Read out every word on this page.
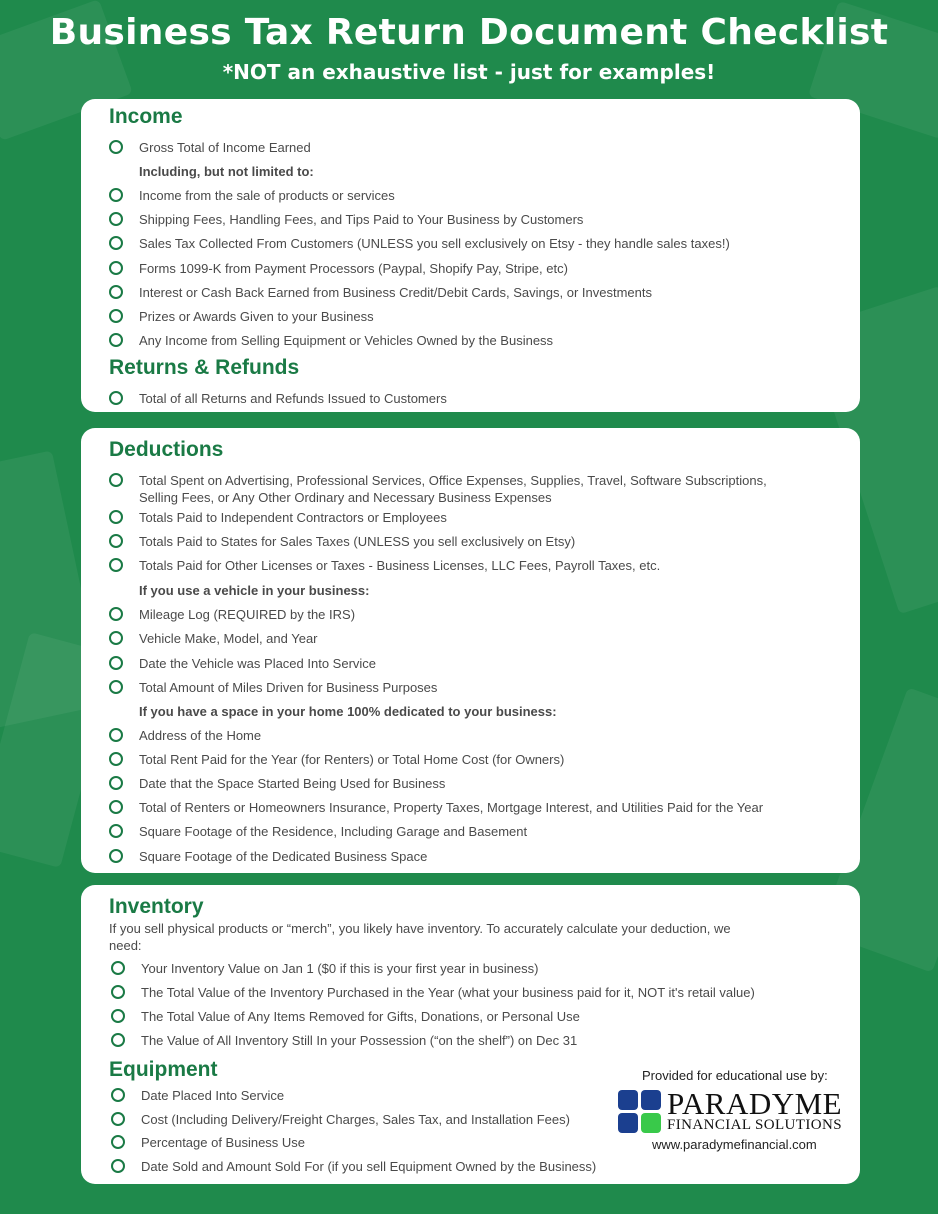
Business Tax Return Document Checklist
*NOT an exhaustive list - just for examples!
Income
Gross Total of Income Earned
Including, but not limited to:
Income from the sale of products or services
Shipping Fees, Handling Fees, and Tips Paid to Your Business by Customers
Sales Tax Collected From Customers (UNLESS you sell exclusively on Etsy - they handle sales taxes!)
Forms 1099-K from Payment Processors (Paypal, Shopify Pay, Stripe, etc)
Interest or Cash Back Earned from Business Credit/Debit Cards, Savings, or Investments
Prizes or Awards Given to your Business
Any Income from Selling Equipment or Vehicles Owned by the Business
Returns & Refunds
Total of all Returns and Refunds Issued to Customers
Deductions
Total Spent on Advertising, Professional Services, Office Expenses, Supplies, Travel, Software Subscriptions, Selling Fees, or Any Other Ordinary and Necessary Business Expenses
Totals Paid to Independent Contractors or Employees
Totals Paid to States for Sales Taxes (UNLESS you sell exclusively on Etsy)
Totals Paid for Other Licenses or Taxes - Business Licenses, LLC Fees, Payroll Taxes, etc.
If you use a vehicle in your business:
Mileage Log (REQUIRED by the IRS)
Vehicle Make, Model, and Year
Date the Vehicle was Placed Into Service
Total Amount of Miles Driven for Business Purposes
If you have a space in your home 100% dedicated to your business:
Address of the Home
Total Rent Paid for the Year (for Renters) or Total Home Cost (for Owners)
Date that the Space Started Being Used for Business
Total of Renters or Homeowners Insurance, Property Taxes, Mortgage Interest, and Utilities Paid for the Year
Square Footage of the Residence, Including Garage and Basement
Square Footage of the Dedicated Business Space
Inventory
If you sell physical products or “merch”, you likely have inventory. To accurately calculate your deduction, we need:
Your Inventory Value on Jan 1 ($0 if this is your first year in business)
The Total Value of the Inventory Purchased in the Year (what your business paid for it, NOT it's retail value)
The Total Value of Any Items Removed for Gifts, Donations, or Personal Use
The Value of All Inventory Still In your Possession (“on the shelf”) on Dec 31
Equipment
Date Placed Into Service
Cost (Including Delivery/Freight Charges, Sales Tax, and Installation Fees)
Percentage of Business Use
Date Sold and Amount Sold For (if you sell Equipment Owned by the Business)
Provided for educational use by:
PARADYME
FINANCIAL SOLUTIONS
www.paradymefinancial.com
